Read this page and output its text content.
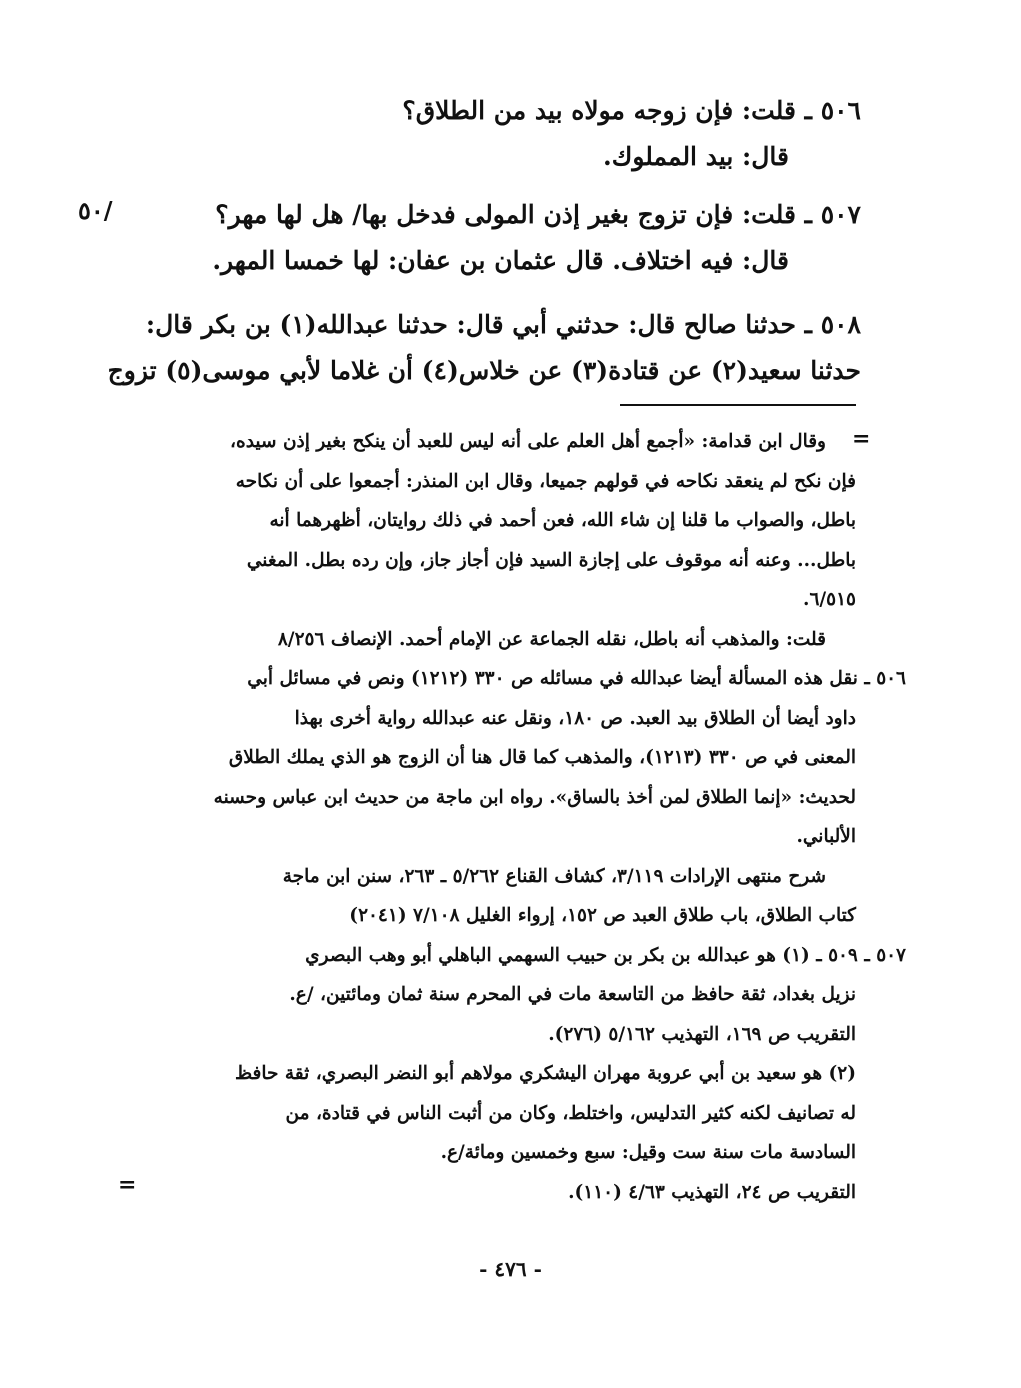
/٥٠
٥٠٦ ـ قلت: فإن زوجه مولاه بيد من الطلاق؟
قال: بيد المملوك.
٥٠٧ ـ قلت: فإن تزوج بغير إذن المولى فدخل بها/ هل لها مهر؟
قال: فيه اختلاف. قال عثمان بن عفان: لها خمسا المهر.
٥٠٨ ـ حدثنا صالح قال: حدثني أبي قال: حدثنا عبدالله(١) بن بكر قال:
حدثنا سعيد(٢) عن قتادة(٣) عن خلاس(٤) أن غلاما لأبي موسى(٥) تزوج
=
=
وقال ابن قدامة: «أجمع أهل العلم على أنه ليس للعبد أن ينكح بغير إذن سيده،
فإن نكح لم ينعقد نكاحه في قولهم جميعا، وقال ابن المنذر: أجمعوا على أن نكاحه
باطل، والصواب ما قلنا إن شاء الله، فعن أحمد في ذلك روايتان، أظهرهما أنه
باطل... وعنه أنه موقوف على إجازة السيد فإن أجاز جاز، وإن رده بطل. المغني
٦/٥١٥.
قلت: والمذهب أنه باطل، نقله الجماعة عن الإمام أحمد. الإنصاف ٨/٢٥٦
٥٠٦ ـ نقل هذه المسألة أيضا عبدالله في مسائله ص ٣٣٠ (١٢١٢) ونص في مسائل أبي
داود أيضا أن الطلاق بيد العبد. ص ١٨٠، ونقل عنه عبدالله رواية أخرى بهذا
المعنى في ص ٣٣٠ (١٢١٣)، والمذهب كما قال هنا أن الزوج هو الذي يملك الطلاق
لحديث: «إنما الطلاق لمن أخذ بالساق». رواه ابن ماجة من حديث ابن عباس وحسنه
الألباني.
شرح منتهى الإرادات ٣/١١٩، كشاف القناع ٥/٢٦٢ ـ ٢٦٣، سنن ابن ماجة
كتاب الطلاق، باب طلاق العبد ص ١٥٢، إرواء الغليل ٧/١٠٨ (٢٠٤١)
٥٠٧ ـ ٥٠٩ ـ (١) هو عبدالله بن بكر بن حبيب السهمي الباهلي أبو وهب البصري
نزيل بغداد، ثقة حافظ من التاسعة مات في المحرم سنة ثمان ومائتين، /ع.
التقريب ص ١٦٩، التهذيب ٥/١٦٢ (٢٧٦).
(٢) هو سعيد بن أبي عروبة مهران اليشكري مولاهم أبو النضر البصري، ثقة حافظ
له تصانيف لكنه كثير التدليس، واختلط، وكان من أثبت الناس في قتادة، من
السادسة مات سنة ست وقيل: سبع وخمسين ومائة/ع.
التقريب ص ٢٤، التهذيب ٤/٦٣ (١١٠).
- ٤٧٦ -
